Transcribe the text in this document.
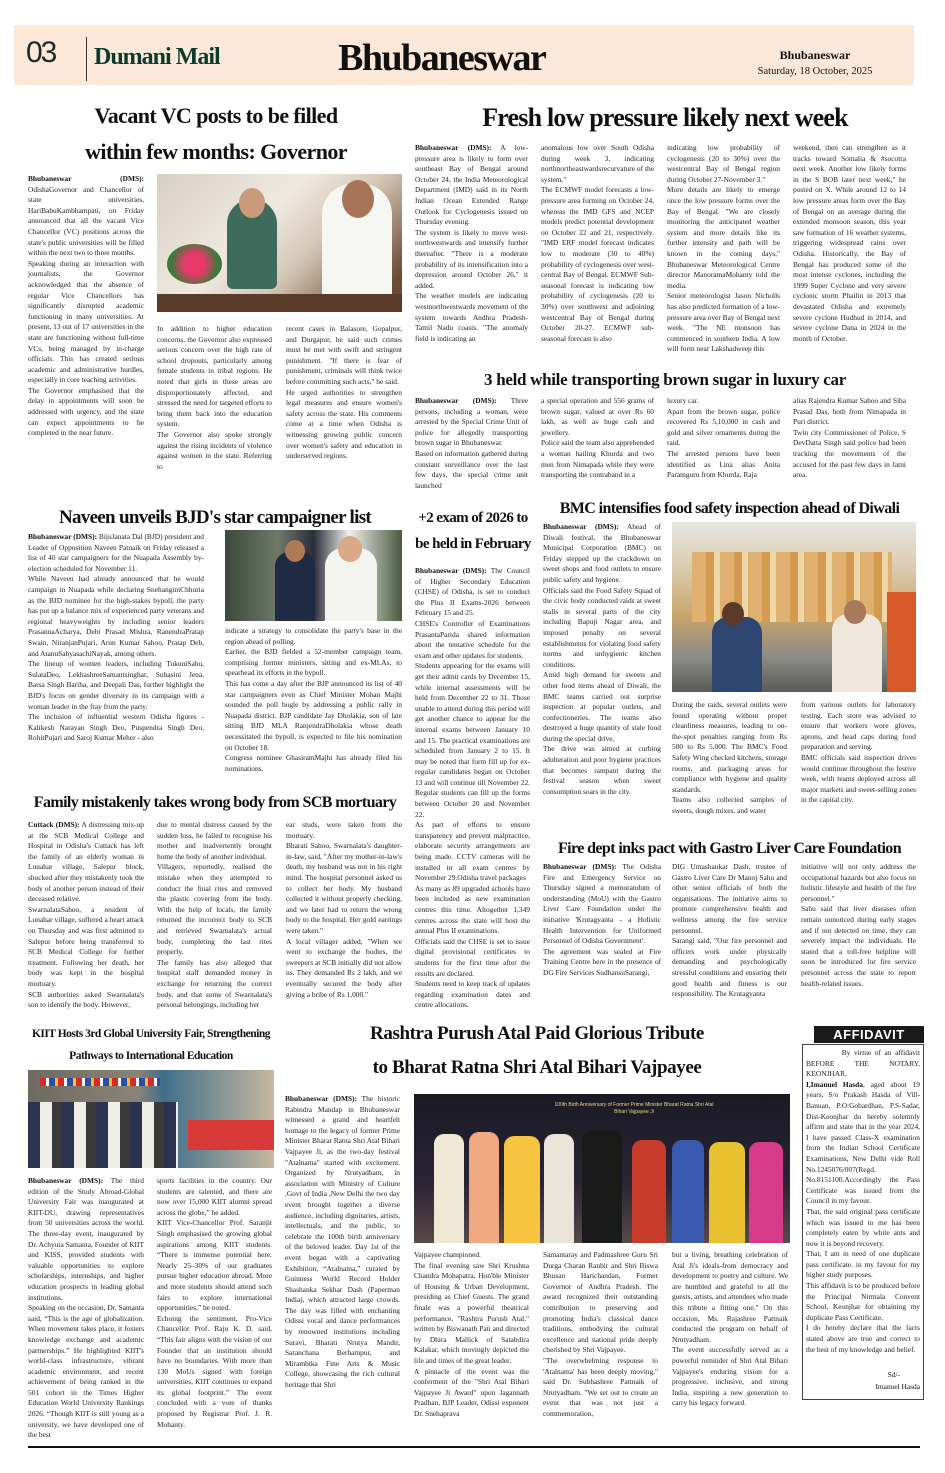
03 Dumani Mail	Bhubaneswar	Bhubaneswar
Saturday, 18 October, 2025
Vacant VC posts to be filled
within few months: Governor
Bhubaneswar (DMS): OdishaGovernor and Chancellor of state universities, HariBabuKambhampati, on Friday announced that all the vacant Vice Chancellor (VC) positions across the state's public universities will be filled within the next two to three months.
Speaking during an interaction with journalists, the Governor acknowledged that the absence of regular Vice Chancellors has significantly disrupted academic functioning in many universities. At present, 13 out of 17 universities in the state are functioning without full-time VCs, being managed by in-charge officials. This has created serious academic and administrative hurdles, especially in core teaching activities.
The Governor emphasised that the delay in appointments will soon be addressed with urgency, and the state can expect appointments to be completed in the near future.
In addition to higher education concerns, the Governor also expressed serious concern over the high rate of school dropouts, particularly among female students in tribal regions. He noted that girls in these areas are disproportionately affected, and stressed the need for targeted efforts to bring them back into the education system.
The Governor also spoke strongly against the rising incidents of violence against women in the state. Referring to
recent cases in Balasore, Gopalpur, and Durgapur, he said such crimes must be met with swift and stringent punishment. "If there is fear of punishment, criminals will think twice before committing such acts," he said.
He urged authorities to strengthen legal measures and ensure women's safety across the state. His comments come at a time when Odisha is witnessing growing public concern over women's safety and education in underserved regions.
Fresh low pressure likely next week
Bhubaneswar (DMS): A low-pressure area is likely to form over southeast Bay of Bengal around October 24, the India Meteorological Department (IMD) said in its North Indian Ocean Extended Range Outlook for Cyclogenesis issued on Thursday evening.
The system is likely to move west-northwestwards and intensify further thereafter. "There is a moderate probability of its intensification into a depression around October 26," it added.
The weather models are indicating westnorthwestwards movement of the system towards Andhra Pradesh-Tamil Nadu coasts. "The anomaly field is indicating an
anomalous low over South Odisha during week 3, indicating northnortheastwardsrecurvature of the system."
The ECMWF model forecasts a low-pressure area forming on October 24, whereas the IMD GFS and NCEP models predict potential development on October 22 and 21, respectively. "IMD ERF model forecast indicates low to moderate (30 to 40%) probability of cyclogenesis over west-central Bay of Bengal. ECMWF Sub-seasonal forecast is indicating low probability of cyclogenesis (20 to 30%) over southwest and adjoining westcentral Bay of Bengal during October 20-27. ECMWF sub-seasonal forecast is also
indicating low probability of cyclogenesis (20 to 30%) over the westcentral Bay of Bengal region during October 27-November 3."
More details are likely to emerge once the low pressure forms over the Bay of Bengal. "We are closely monitoring the anticipated weather system and more details like its further intensity and path will be known in the coming days," Bhubaneswar Meteorological Centre director ManoramaMohanty told the media.
Senior meteorologist Jason Nicholls has also predicted formation of a low-pressure area over Bay of Bengal next week. "The NE monsoon has commenced in southern India. A low will form near Lakshadweep this
weekend, then can strengthen as it tracks toward Somalia & #socotra next week. Another low likely forms in the S BOB later next week," he posted on X. While around 12 to 14 low pressure areas form over the Bay of Bengal on an average during the extended monsoon season, this year saw formation of 16 weather systems, triggering widespread rains over Odisha. Historically, the Bay of Bengal has produced some of the most intense cyclones, including the 1999 Super Cyclone and very severe cyclonic storm Phailin in 2013 that devastated Odisha and extremely severe cyclone Hudhud in 2014, and severe cyclone Dana in 2024 in the month of October.
3 held while transporting brown sugar in luxury car
Bhubaneswar (DMS): Three persons, including a woman, were arrested by the Special Crime Unit of police for allegedly transporting brown sugar in Bhubaneswar.
Based on information gathered during constant surveillance over the last few days, the special crime unit launched
a special operation and 556 grams of brown sugar, valued at over Rs 60 lakh, as well as huge cash and jewellery.
Police said the team also apprehended a woman hailing Khurda and two men from Nimapada while they were transporting the contraband in a
luxury car.
Apart from the brown sugar, police recovered Rs 5,10,000 in cash and gold and silver ornaments during the raid.
The arrested persons have been identified as Lina alias Anita Paramguru from Khurda, Raja
alias Rajendra Kumar Sahoo and Siba Prasad Das, both from Nimapada in Puri district.
Twin city Commissioner of Police, S DevDatta Singh said police had been tracking the movements of the accused for the past few days in Jatni area.
Naveen unveils BJD's star campaigner list
Bhubaneswar (DMS): BijuJanata Dal (BJD) president and Leader of Opposition Naveen Patnaik on Friday released a list of 40 star campaigners for the Nuapada Assembly by-election scheduled for November 11.
While Naveen had already announced that he would campaign in Nuapada while declaring SnehanginiChhuria as the BJD nominee for the high-stakes bypoll, the party has put up a balance mix of experienced party veterans and regional heavyweights by including senior leaders PrasannaAcharya, Debi Prasad Mishra, RanendraPratap Swain, NiranjanPujari, Arun Kumar Sahoo, Pratap Deb, and AtanuSabyasachiNayak, among others.
The lineup of women leaders, including TukuniSahu, SulataDeo, LekhashreeSamantsinghar, Subasini Jena, Barsa Singh Bariha, and Deepali Das, further highlight the BJD's focus on gender diversity in its campaign with a woman leader in the fray from the party.
The inclusion of influential western Odisha figures - Kalikesh Narayan Singh Deo, Puspendra Singh Deo, RohitPujari and Saroj Kumar Meher - also
indicate a strategy to consolidate the party's base in the region ahead of polling.
Earlier, the BJD fielded a 52-member campaign team, comprising former ministers, sitting and ex-MLAs, to spearhead its efforts in the bypoll.
This has come a day after the BJP announced its list of 40 star campaigners even as Chief Minister Mohan Majhi sounded the poll bugle by addressing a public rally in Nuapada district. BJP candidate Jay Dholakia, son of late sitting BJD MLA RanjendraDholakia whose death necessitated the bypoll, is expected to file his nomination on October 18.
Congress nominee GhasiramMajhi has already filed his nominations.
+2 exam of 2026 to
be held in February
Bhubaneswar (DMS): The Council of Higher Secondary Education (CHSE) of Odisha, is set to conduct the Plus II Exams-2026 between February 15 and 25.
CHSE's Controller of Examinations PrasantaParida shared information about the tentative schedule for the exam and other updates for students.
Students appearing for the exams will get their admit cards by December 15, while internal assessments will be held from December 22 to 31. Those unable to attend during this period will get another chance to appear for the internal exams between January 10 and 15. The practical examinations are scheduled from January 2 to 15. It may be noted that form fill up for ex-regular candidates began on October 13 and will continue till November 22. Regular students can fill up the forms between October 20 and November 22.
As part of efforts to ensure transparency and prevent malpractice, elaborate security arrangements are being made. CCTV cameras will be installed in all exam centres by November 29.Odisha travel packages
As many as 89 upgraded schools have been included as new examination centres this time. Altogether 1,349 centres across the state will host the annual Plus II examinations.
Officials said the CHSE is set to issue digital provisional certificates to students for the first time after the results are declared.
Students need to keep track of updates regarding examination dates and centre allocations.
BMC intensifies food safety inspection ahead of Diwali
Bhubaneswar (DMS): Ahead of Diwali festival, the Bhubaneswar Municipal Corporation (BMC) on Friday stepped up the crackdown on sweet shops and food outlets to ensure public safety and hygiene.
Officials said the Food Safety Squad of the civic body conducted raids at sweet stalls in several parts of the city including Bapuji Nagar area, and imposed penalty on several establishments for violating food safety norms and unhygienic kitchen conditions.
Amid high demand for sweets and other food items ahead of Diwali, the BMC teams carried out surprise inspection at popular outlets, and confectioneries. The teams also destroyed a huge quantity of stale food during the special drive.
The drive was aimed at curbing adulteration and poor hygiene practices that becomes rampant during the festival season when sweet consumption soars in the city.
During the raids, several outlets were found operating without proper cleanliness measures, leading to on-the-spot penalties ranging from Rs 500 to Rs 5,000. The BMC's Food Safety Wing checked kitchens, storage rooms, and packaging areas for compliance with hygiene and quality standards.
Teams also collected samples of sweets, dough mixes, and water
from various outlets for laboratory testing. Each store was advised to ensure that workers wore gloves, aprons, and head caps during food preparation and serving.
BMC officials said inspection drives would continue throughout the festive week, with teams deployed across all major markets and sweet-selling zones in the capital city.
Family mistakenly takes wrong body from SCB mortuary
Cuttack (DMS): A distressing mix-up at the SCB Medical College and Hospital in Odisha's Cuttack has left the family of an elderly woman in Lunahar village, Salepur block, shocked after they mistakenly took the body of another person instead of their deceased relative.
SwarnalataSahoo, a resident of Lunahar village, suffered a heart attack on Thursday and was first admitted to Salepur before being transferred to SCB Medical College for further treatment. Following her death, her body was kept in the hospital mortuary.
SCB authorities asked Swarnalata's son to identify the body. However,
due to mental distress caused by the sudden loss, he failed to recognise his mother and inadvertently brought home the body of another individual.
Villagers, reportedly, realised the mistake when they attempted to conduct the final rites and removed the plastic covering from the body. With the help of locals, the family returned the incorrect body to SCB and retrieved Swarnalata's actual body, completing the last rites properly.
The family has also alleged that hospital staff demanded money in exchange for returning the correct body, and that some of Swarnalata's personal belongings, including her
ear studs, were taken from the mortuary.
Bharati Sahoo, Swarnalata's daughter-in-law, said, "After my mother-in-law's death, my husband was not in his right mind. The hospital personnel asked us to collect her body. My husband collected it without properly checking, and we later had to return the wrong body to the hospital. Her gold earrings were taken."
A local villager added, "When we went to exchange the bodies, the sweepers at SCB initially did not allow us. They demanded Rs 2 lakh, and we eventually secured the body after giving a bribe of Rs 1,000."
Fire dept inks pact with Gastro Liver Care Foundation
Bhubaneswar (DMS): The Odisha Fire and Emergency Service on Thursday signed a memorandum of understanding (MoU) with the Gastro Liver Care Foundation under the initiative 'Krutagyanta - a Holistic Health Intervention for Uniformed Personnel of Odisha Government'.
The agreement was sealed at Fire Training Centre here in the presence of DG Fire Services SudhansuSarangi,
DIG Umashankar Dash, trustee of Gastro Liver Care Dr Manoj Sahu and other senior officials of both the organisations. The initiative aims to promote comprehensive health and wellness among the fire service personnel.
Sarangi said, "Our fire personnel and officers work under physically demanding and psychologically stressful conditions and ensuring their good health and fitness is our responsibility. The Krutagyanta
initiative will not only address the occupational hazards but also focus on holistic lifestyle and health of the fire personnel."
Sahu said that liver diseases often remain unnoticed during early stages and if not detected on time, they can severely impact the individuals. He stated that a toll-free helpline will soon be introduced for fire service personnel across the state to report health-related issues.
KIIT Hosts 3rd Global University Fair, Strengthening
Pathways to International Education
Bhubaneswar (DMS): The third edition of the Study Abroad-Global University Fair was inaugurated at KIIT-DU, drawing representatives from 50 universities across the world. The three-day event, inaugurated by Dr. Achyuta Samanta, Founder of KIIT and KISS, provided students with valuable opportunities to explore scholarships, internships, and higher education prospects in leading global institutions.
Speaking on the occasion, Dr. Samanta said, “This is the age of globalization. When movement takes place, it fosters knowledge exchange and academic partnerships.” He highlighted KIIT's world-class infrastructure, vibrant academic environment, and recent achievement of being ranked in the 501 cohort in the Times Higher Education World University Rankings 2026. “Though KIIT is still young as a university, we have developed one of the best
sports facilities in the country. Our students are talented, and there are now over 15,000 KIIT alumni spread across the globe,” he added.
KIIT Vice-Chancellor Prof. Saranjit Singh emphasised the growing global aspirations among KIIT students. “There is immense potential here. Nearly 25–30% of our graduates pursue higher education abroad. More and more students should attend such fairs to explore international opportunities,” he noted.
Echoing the sentiment, Pro-Vice Chancellor Prof. Raju K. D. said, “This fair aligns with the vision of our Founder that an institution should have no boundaries. With more than 130 MoUs signed with foreign universities, KIIT continues to expand its global footprint.” The event concluded with a vote of thanks proposed by Registrar Prof. J. R. Mohanty.
Rashtra Purush Atal Paid Glorious Tribute
to Bharat Ratna Shri Atal Bihari Vajpayee
Bhubaneswar (DMS): The historic Rabindra Mandap in Bhubaneswar witnessed a grand and heartfelt homage to the legacy of former Prime Minister Bharat Ratna Shri Atal Bihari Vajpayee Ji, as the two-day festival "Atalnama" started with excitement. Organized by Nrutyadham, in association with Ministry of Culture ,Govt of India ,New Delhi the two day event brought together a diverse audience, including dignitaries, artists, intellectuals, and the public, to celebrate the 100th birth anniversary of the beloved leader. Day 1st of the event began with a captivating Exhibition, “Atalnama,” curated by Guinness World Record Holder Shashanka Sekhar Dash (Paperman India), which attracted large crowds. The day was filled with enchanting Odissi vocal and dance performances by renowned institutions including Suravi, Bharati Nrutya Mandir, Saranchana Berhampur, and Mirambika Fine Arts & Music College, showcasing the rich cultural heritage that Shri
100th Birth Anniversary of Former Prime Minister Bharat Ratna Shri Atal Bihari Vajpayee Ji
Vajpayee championed.
The final evening saw Shri Krushna Chandra Mohapatra, Hon'ble Minister of Housing & Urban Development, presiding as Chief Guests. The grand finale was a powerful theatrical performance, "Rashtra Purush Atal," written by Biswanath Pati and directed by Dhira Mallick of Satabdira Kalakar, which movingly depicted the life and times of the great leader.
A pinnacle of the event was the conferment of the "Shri Atal Bihari Vajpayee Ji Award" upon Jagannath Pradhan, BJP Leader, Odissi exponent Dr. Snehaprava
Samantaray and Padmashree Guru Sri Durga Charan Ranbir and Shri Biswa Bhusan Harichandan, Former Governor of Andhra Pradesh. The award recognized their outstanding contribution to preserving and promoting India's classical dance traditions, embodying the cultural excellence and national pride deeply cherished by Shri Vajpayee.
"The overwhelming response to 'Atalnama' has been deeply moving," said Dr. Subhashree Pattnaik of Nrutyadham. "We set out to create an event that was not just a commemoration,
but a living, breathing celebration of Atal Ji's ideals-from democracy and development to poetry and culture. We are humbled and grateful to all the guests, artists, and attendees who made this tribute a fitting one." On this occasion, Ms. Rajashree Pattnaik conducted the program on behalf of Nrutyadham.
The event successfully served as a powerful reminder of Shri Atal Bihari Vajpayee's enduring vision for a progressive, inclusive, and strong India, inspiring a new generation to carry his legacy forward.
AFFIDAVIT
By virtue of an affidavit BEFORE THE NOTARY, KEONJHAR,
I,Imanuel Hasda, aged about 19 years, S/o Prakash Hasda of Vill-Banuan, P.O:Gobardhan, P.S-Sadar, Dist-Keonjhar do hereby solemnly affirm and state that in the year 2024, I have passed Class-X examination from the Indian School Certificate Examinations, New Delhi vide Roll No.1245076/007(Regd. No.8151100.Accordingly the Pass Certificate was issued from the Council in my favour.
That, the said original pass certificate which was issued to me has been completely eaten by white ants and now it is beyond recovery.
That, I am in need of one duplicate pass certificate. in my favour for my higher study purposes.
This affidavit is to be produced before the Principal Nirmala Convent School, Keonjhar for obtaining my duplicate Pass Certificate.
I do hereby declare that the facts stated above are true and correct to the best of my knowledge and belief.
Sd/-
Imanuel Hasda
